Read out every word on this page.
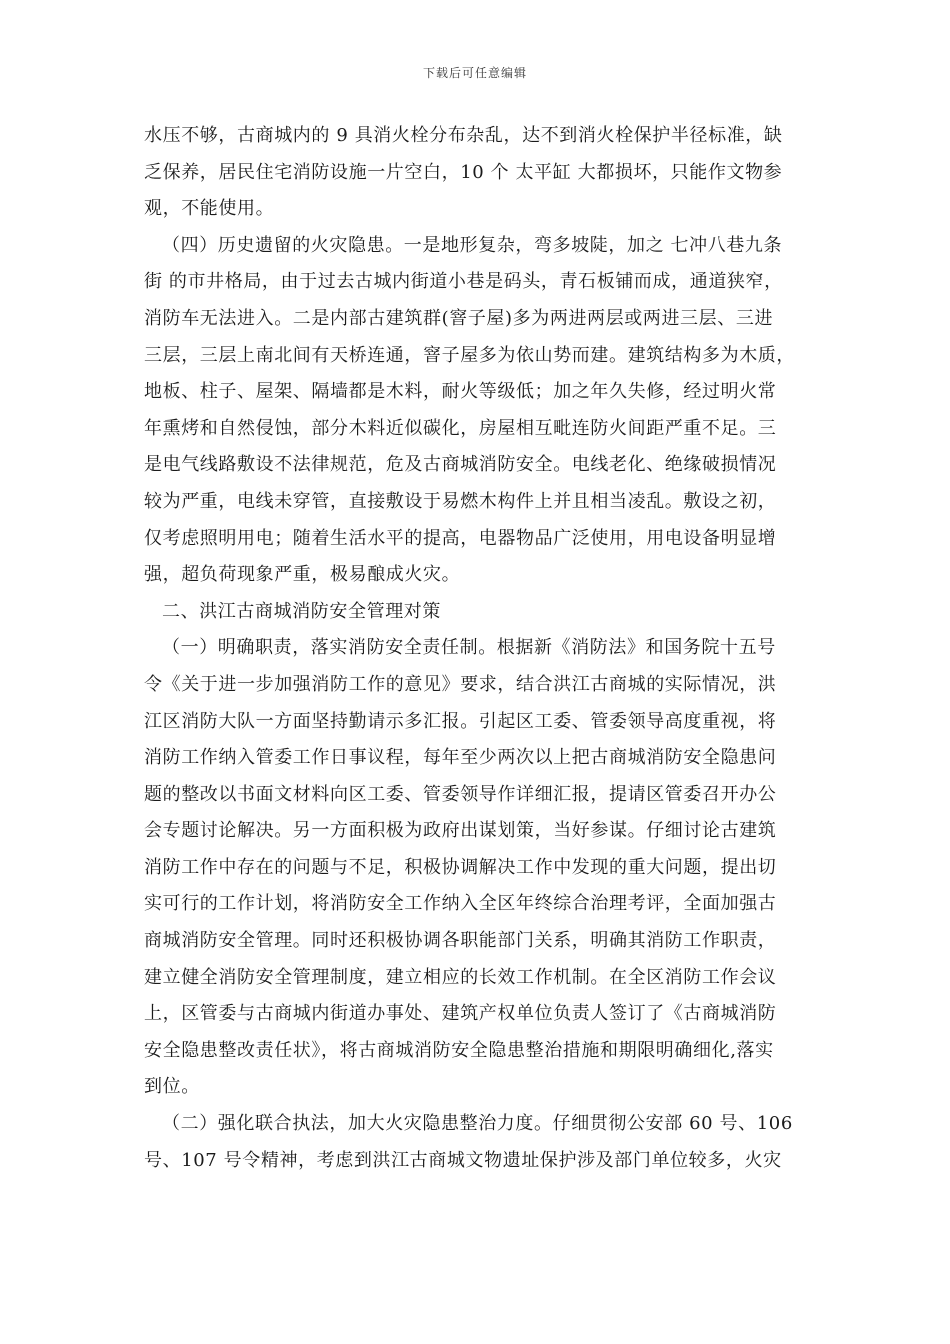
下载后可任意编辑
水压不够，古商城内的 9 具消火栓分布杂乱，达不到消火栓保护半径标准，缺
乏保养，居民住宅消防设施一片空白，10 个 太平缸 大都损坏，只能作文物参
观，不能使用。
（四）历史遗留的火灾隐患。一是地形复杂，弯多坡陡，加之 七冲八巷九条
街 的市井格局，由于过去古城内街道小巷是码头，青石板铺而成，通道狭窄，
消防车无法进入。二是内部古建筑群(窨子屋)多为两进两层或两进三层、三进
三层，三层上南北间有天桥连通，窨子屋多为依山势而建。建筑结构多为木质，
地板、柱子、屋架、隔墙都是木料，耐火等级低；加之年久失修，经过明火常
年熏烤和自然侵蚀，部分木料近似碳化，房屋相互毗连防火间距严重不足。三
是电气线路敷设不法律规范，危及古商城消防安全。电线老化、绝缘破损情况
较为严重，电线未穿管，直接敷设于易燃木构件上并且相当凌乱。敷设之初，
仅考虑照明用电；随着生活水平的提高，电器物品广泛使用，用电设备明显增
强，超负荷现象严重，极易酿成火灾。
二、洪江古商城消防安全管理对策
（一）明确职责，落实消防安全责任制。根据新《消防法》和国务院十五号
令《关于进一步加强消防工作的意见》要求，结合洪江古商城的实际情况，洪
江区消防大队一方面坚持勤请示多汇报。引起区工委、管委领导高度重视，将
消防工作纳入管委工作日事议程，每年至少两次以上把古商城消防安全隐患问
题的整改以书面文材料向区工委、管委领导作详细汇报，提请区管委召开办公
会专题讨论解决。另一方面积极为政府出谋划策，当好参谋。仔细讨论古建筑
消防工作中存在的问题与不足，积极协调解决工作中发现的重大问题，提出切
实可行的工作计划，将消防安全工作纳入全区年终综合治理考评，全面加强古
商城消防安全管理。同时还积极协调各职能部门关系，明确其消防工作职责，
建立健全消防安全管理制度，建立相应的长效工作机制。在全区消防工作会议
上，区管委与古商城内街道办事处、建筑产权单位负责人签订了《古商城消防
安全隐患整改责任状》，将古商城消防安全隐患整治措施和期限明确细化,落实
到位。
（二）强化联合执法，加大火灾隐患整治力度。仔细贯彻公安部 60 号、106
号、107 号令精神，考虑到洪江古商城文物遗址保护涉及部门单位较多，火灾
